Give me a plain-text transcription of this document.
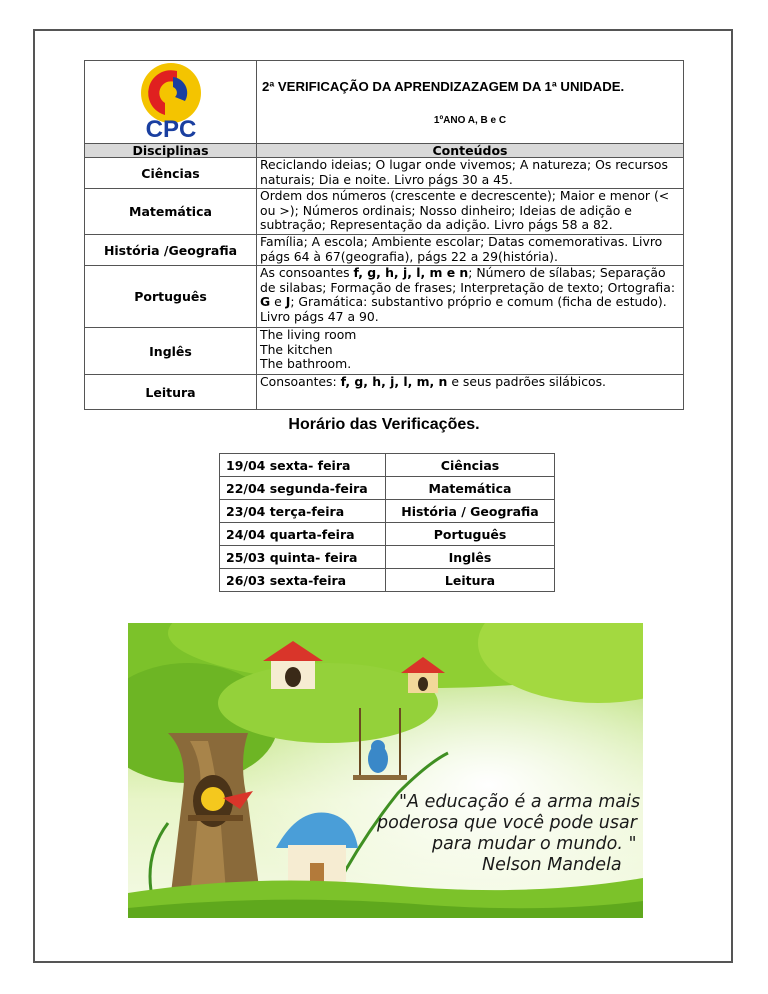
CPC	2ª VERIFICAÇÃO DA APRENDIZAZAGEM DA 1ª UNIDADE.
1ºANO A, B e C

Disciplinas	Conteúdos
Ciências	Reciclando ideias; O lugar onde vivemos; A natureza; Os recursos naturais; Dia e noite. Livro págs 30 a 45.
Matemática	Ordem dos números (crescente e decrescente); Maior e menor (< ou >); Números ordinais; Nosso dinheiro; Ideias de adição e subtração; Representação da adição. Livro págs 58 a 82.
História /Geografia	Família; A escola; Ambiente escolar; Datas comemorativas. Livro págs 64 à 67(geografia), págs 22 a 29(história).
Português	As consoantes f, g, h, j, l, m e n; Número de sílabas; Separação de silabas; Formação de frases; Interpretação de texto; Ortografia: G e J; Gramática: substantivo próprio e comum (ficha de estudo). Livro págs 47 a 90.
Inglês	The living room
The kitchen
The bathroom.

Leitura	Consoantes: f, g, h, j, l, m, n e seus padrões silábicos.
Horário das Verificações.
19/04 sexta- feira	Ciências
22/04 segunda-feira	Matemática
23/04 terça-feira	História / Geografia
24/04 quarta-feira	Português
25/03 quinta- feira	Inglês
26/03 sexta-feira	Leitura
"A educação é a arma mais
poderosa que você pode usar
para mudar o mundo. "
Nelson Mandela
